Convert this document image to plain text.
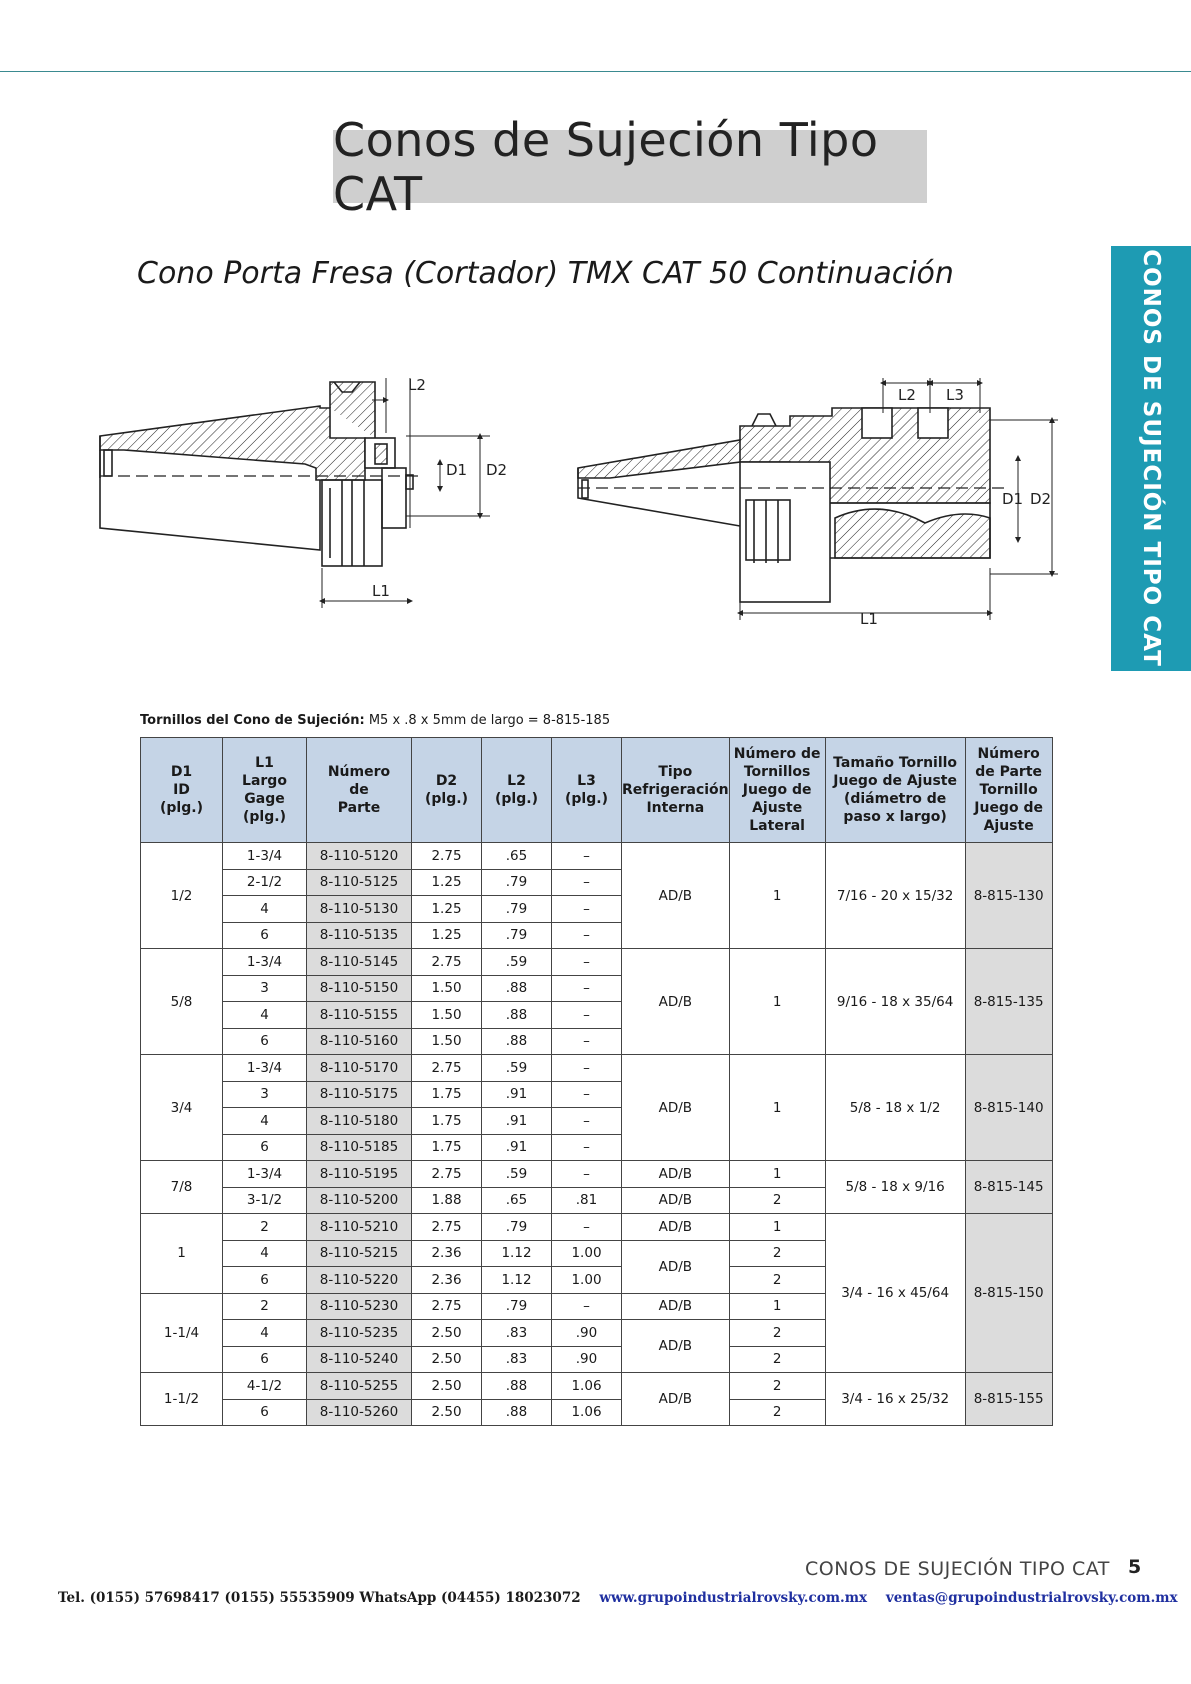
Conos de Sujeción Tipo CAT
Cono Porta Fresa (Cortador) TMX CAT 50 Continuación	CONOS DE SUJECIÓN TIPO CAT
L2
D1 D2
L1
L2 L3
D1 D2
L1
Tornillos del Cono de Sujeción: M5 x .8 x 5mm de largo = 8-815-185
D1
ID
(plg.)	L1
Largo
Gage
(plg.)	Número
de
Parte	D2
(plg.)	L2
(plg.)	L3
(plg.)	Tipo
Refrigeración
Interna	Número de
Tornillos
Juego de
Ajuste
Lateral	Tamaño Tornillo
Juego de Ajuste
(diámetro de
paso x largo)	Número
de Parte
Tornillo
Juego de
Ajuste
1/2	1-3/4	8-110-5120	2.75	.65	–	AD/B	1	7/16 - 20 x 15/32	8-815-130
	2-1/2	8-110-5125	1.25	.79	–				
	4	8-110-5130	1.25	.79	–				
	6	8-110-5135	1.25	.79	–				
5/8	1-3/4	8-110-5145	2.75	.59	–	AD/B	1	9/16 - 18 x 35/64	8-815-135
	3	8-110-5150	1.50	.88	–				
	4	8-110-5155	1.50	.88	–				
	6	8-110-5160	1.50	.88	–				
3/4	1-3/4	8-110-5170	2.75	.59	–	AD/B	1	5/8 - 18 x 1/2	8-815-140
	3	8-110-5175	1.75	.91	–				
	4	8-110-5180	1.75	.91	–				
	6	8-110-5185	1.75	.91	–				
7/8	1-3/4	8-110-5195	2.75	.59	–	AD/B	1	5/8 - 18 x 9/16	8-815-145
	3-1/2	8-110-5200	1.88	.65	.81	AD/B	2		
1	2	8-110-5210	2.75	.79	–	AD/B	1	3/4 - 16 x 45/64	8-815-150
	4	8-110-5215	2.36	1.12	1.00	AD/B	2		
	6	8-110-5220	2.36	1.12	1.00		2		
1-1/4	2	8-110-5230	2.75	.79	–	AD/B	1		
	4	8-110-5235	2.50	.83	.90	AD/B	2		
	6	8-110-5240	2.50	.83	.90		2		
1-1/2	4-1/2	8-110-5255	2.50	.88	1.06	AD/B	2	3/4 - 16 x 25/32	8-815-155
	6	8-110-5260	2.50	.88	1.06		2		
CONOS DE SUJECIÓN TIPO CAT 5
Tel. (0155) 57698417 (0155) 55535909 WhatsApp (04455) 18023072 www.grupoindustrialrovsky.com.mx ventas@grupoindustrialrovsky.com.mx
